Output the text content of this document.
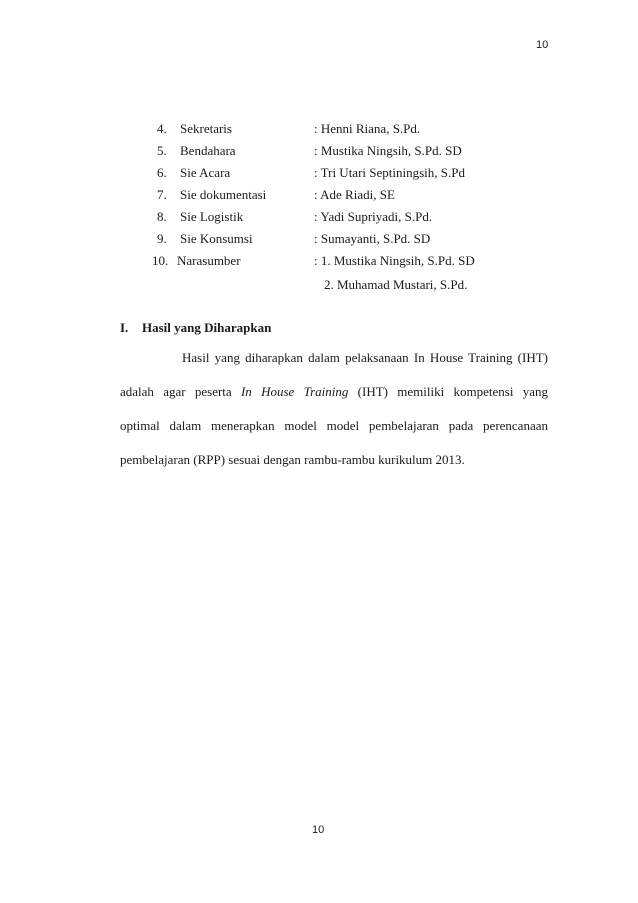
10
4. Sekretaris	: Henni Riana, S.Pd.
5. Bendahara	: Mustika Ningsih, S.Pd. SD
6. Sie Acara	: Tri Utari Septiningsih, S.Pd
7. Sie dokumentasi	: Ade Riadi, SE
8. Sie Logistik	: Yadi Supriyadi, S.Pd.
9. Sie Konsumsi	: Sumayanti, S.Pd. SD
10. Narasumber	: 1. Mustika Ningsih, S.Pd. SD
2. Muhamad Mustari, S.Pd.
I. Hasil yang Diharapkan
Hasil yang diharapkan dalam pelaksanaan In House Training (IHT)
adalah agar peserta In House Training (IHT) memiliki kompetensi yang
optimal dalam menerapkan model model pembelajaran pada perencanaan
pembelajaran (RPP) sesuai dengan rambu-rambu kurikulum 2013.
10
